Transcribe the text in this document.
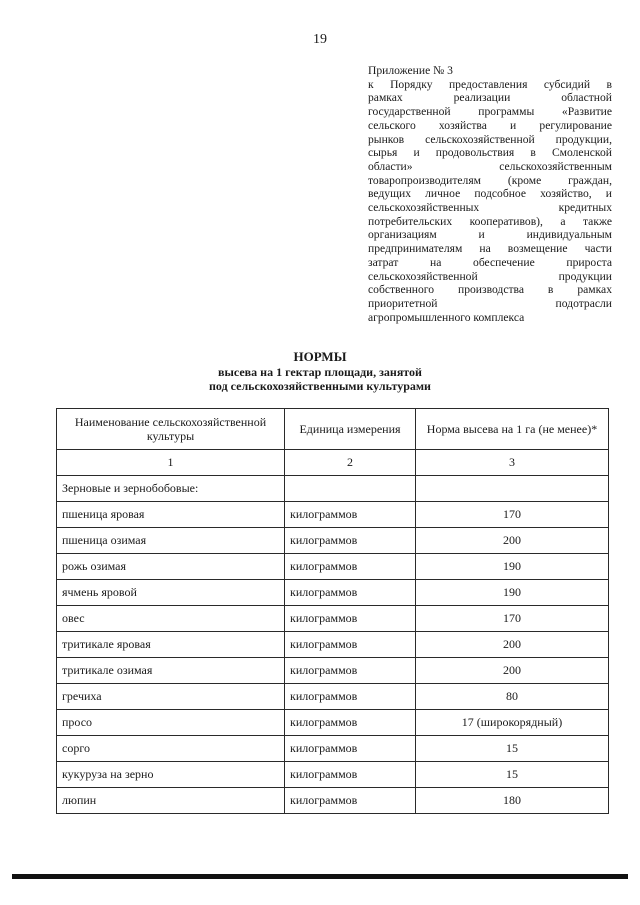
19
Приложение № 3
к Порядку предоставления субсидий в
рамках	реализации	областной
государственной программы «Развитие
сельского хозяйства и регулирование
рынков сельскохозяйственной продукции,
сырья и продовольствия в Смоленской
области»	сельскохозяйственным
товаропроизводителям (кроме граждан,
ведущих личное подсобное хозяйство, и
сельскохозяйственных	кредитных
потребительских кооперативов), а также
организациям	и	индивидуальным
предпринимателям на возмещение части
затрат	на	обеспечение	прироста
сельскохозяйственной	продукции
собственного производства в рамках
приоритетной	подотрасли
агропромышленного комплекса
НОРМЫ
высева на 1 гектар площади, занятой
под сельскохозяйственными культурами
Наименование сельскохозяйственной культуры	Единица измерения	Норма высева на 1 га (не менее)*
1	2	3
Зерновые и зернобобовые:		
пшеница яровая	килограммов	170
пшеница озимая	килограммов	200
рожь озимая	килограммов	190
ячмень яровой	килограммов	190
овес	килограммов	170
тритикале яровая	килограммов	200
тритикале озимая	килограммов	200
гречиха	килограммов	80
просо	килограммов	17 (широкорядный)
сорго	килограммов	15
кукуруза на зерно	килограммов	15
люпин	килограммов	180
